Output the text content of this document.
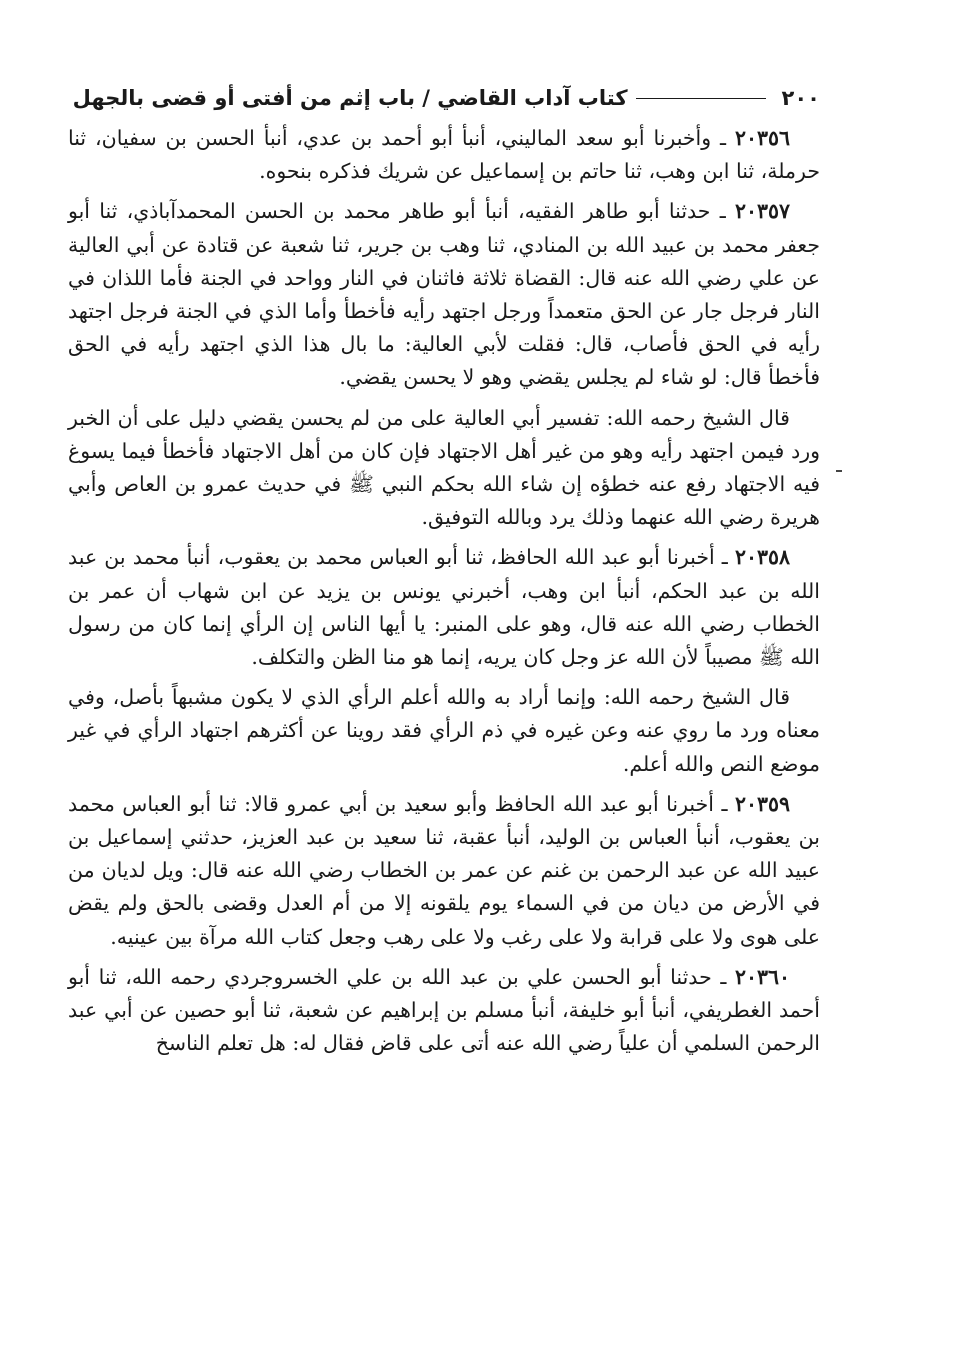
٢٠٠
كتاب آداب القاضي / باب إثم من أفتى أو قضى بالجهل

٢٠٣٥٦ ـ وأخبرنا أبو سعد الماليني، أنبأ أبو أحمد بن عدي، أنبأ الحسن بن سفيان، ثنا حرملة، ثنا ابن وهب، ثنا حاتم بن إسماعيل عن شريك فذكره بنحوه.

٢٠٣٥٧ ـ حدثنا أبو طاهر الفقيه، أنبأ أبو طاهر محمد بن الحسن المحمدآباذي، ثنا أبو جعفر محمد بن عبيد الله بن المنادي، ثنا وهب بن جرير، ثنا شعبة عن قتادة عن أبي العالية عن علي رضي الله عنه قال: القضاة ثلاثة فاثنان في النار وواحد في الجنة فأما اللذان في النار فرجل جار عن الحق متعمداً ورجل اجتهد رأيه فأخطأ وأما الذي في الجنة فرجل اجتهد رأيه في الحق فأصاب، قال: فقلت لأبي العالية: ما بال هذا الذي اجتهد رأيه في الحق فأخطأ قال: لو شاء لم يجلس يقضي وهو لا يحسن يقضي.

قال الشيخ رحمه الله: تفسير أبي العالية على من لم يحسن يقضي دليل على أن الخبر ورد فيمن اجتهد رأيه وهو من غير أهل الاجتهاد فإن كان من أهل الاجتهاد فأخطأ فيما يسوغ فيه الاجتهاد رفع عنه خطؤه إن شاء الله بحكم النبي ﷺ في حديث عمرو بن العاص وأبي هريرة رضي الله عنهما وذلك يرد وبالله التوفيق.

٢٠٣٥٨ ـ أخبرنا أبو عبد الله الحافظ، ثنا أبو العباس محمد بن يعقوب، أنبأ محمد بن عبد الله بن عبد الحكم، أنبأ ابن وهب، أخبرني يونس بن يزيد عن ابن شهاب أن عمر بن الخطاب رضي الله عنه قال، وهو على المنبر: يا أيها الناس إن الرأي إنما كان من رسول الله ﷺ مصيباً لأن الله عز وجل كان يريه، إنما هو منا الظن والتكلف.

قال الشيخ رحمه الله: وإنما أراد به والله أعلم الرأي الذي لا يكون مشبهاً بأصل، وفي معناه ورد ما روي عنه وعن غيره في ذم الرأي فقد روينا عن أكثرهم اجتهاد الرأي في غير موضع النص والله أعلم.

٢٠٣٥٩ ـ أخبرنا أبو عبد الله الحافظ وأبو سعيد بن أبي عمرو قالا: ثنا أبو العباس محمد بن يعقوب، أنبأ العباس بن الوليد، أنبأ عقبة، ثنا سعيد بن عبد العزيز، حدثني إسماعيل بن عبيد الله عن عبد الرحمن بن غنم عن عمر بن الخطاب رضي الله عنه قال: ويل لديان من في الأرض من ديان من في السماء يوم يلقونه إلا من أم العدل وقضى بالحق ولم يقض على هوى ولا على قرابة ولا على رغب ولا على رهب وجعل كتاب الله مرآة بين عينيه.

٢٠٣٦٠ ـ حدثنا أبو الحسن علي بن عبد الله بن علي الخسروجردي رحمه الله، ثنا أبو أحمد الغطريفي، أنبأ أبو خليفة، أنبأ مسلم بن إبراهيم عن شعبة، ثنا أبو حصين عن أبي عبد الرحمن السلمي أن علياً رضي الله عنه أتى على قاض فقال له: هل تعلم الناسخ
